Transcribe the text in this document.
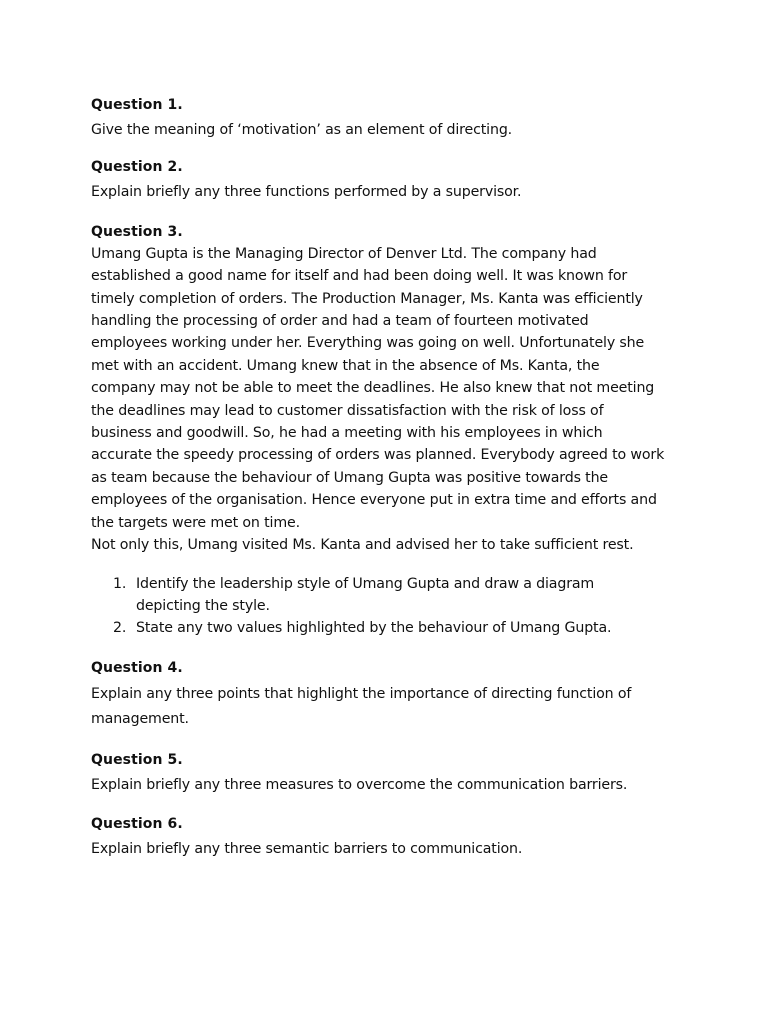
Question 1.

Give the meaning of ‘motivation’ as an element of directing.

Question 2.

Explain briefly any three functions performed by a supervisor.

Question 3.

Umang Gupta is the Managing Director of Denver Ltd. The company had
established a good name for itself and had been doing well. It was known for
timely completion of orders. The Production Manager, Ms. Kanta was efficiently
handling the processing of order and had a team of fourteen motivated
employees working under her. Everything was going on well. Unfortunately she
met with an accident. Umang knew that in the absence of Ms. Kanta, the
company may not be able to meet the deadlines. He also knew that not meeting
the deadlines may lead to customer dissatisfaction with the risk of loss of
business and goodwill. So, he had a meeting with his employees in which
accurate the speedy processing of orders was planned. Everybody agreed to work
as team because the behaviour of Umang Gupta was positive towards the
employees of the organisation. Hence everyone put in extra time and efforts and
the targets were met on time.
Not only this, Umang visited Ms. Kanta and advised her to take sufficient rest.
1. Identify the leadership style of Umang Gupta and draw a diagram
depicting the style.
2. State any two values highlighted by the behaviour of Umang Gupta.

Question 4.

Explain any three points that highlight the importance of directing function of
management.

Question 5.

Explain briefly any three measures to overcome the communication barriers.

Question 6.

Explain briefly any three semantic barriers to communication.
